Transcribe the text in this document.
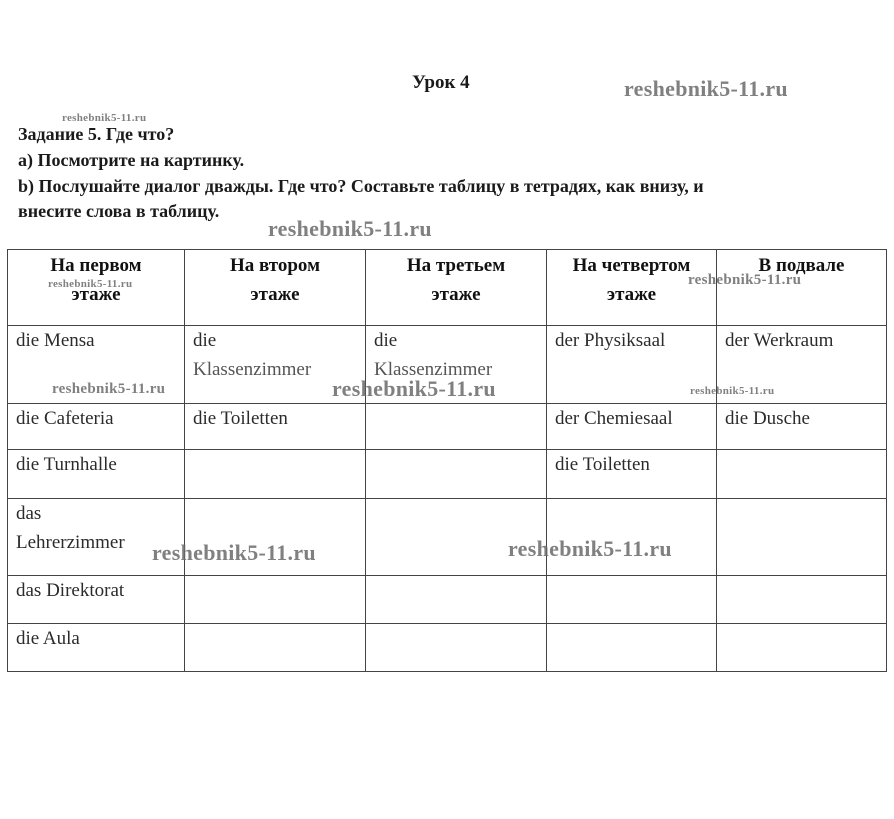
Урок 4	reshebnik5-11.ru
reshebnik5-11.ru
reshebnik5-11.ru
Задание 5. Где что?
а) Посмотрите на картинку.
b) Послушайте диалог дважды. Где что? Составьте таблицу в тетрадях, как внизу, и
внесите слова в таблицу.
На первом
этаже	На втором
этаже	На третьем
этаже	На четвертом
этаже	В подвале

die Mensa	die
Klassenzimmer	die
Klassenzimmer	der Physiksaal	der Werkraum

die Cafeteria	die Toiletten		der Chemiesaal	die Dusche

die Turnhalle			die Toiletten	

das
Lehrerzimmer				

das Direktorat				

die Aula				

reshebnik5-11.ru	reshebnik5-11.ru
reshebnik5-11.ru	reshebnik5-11.ru	reshebnik5-11.ru
reshebnik5-11.ru	reshebnik5-11.ru
